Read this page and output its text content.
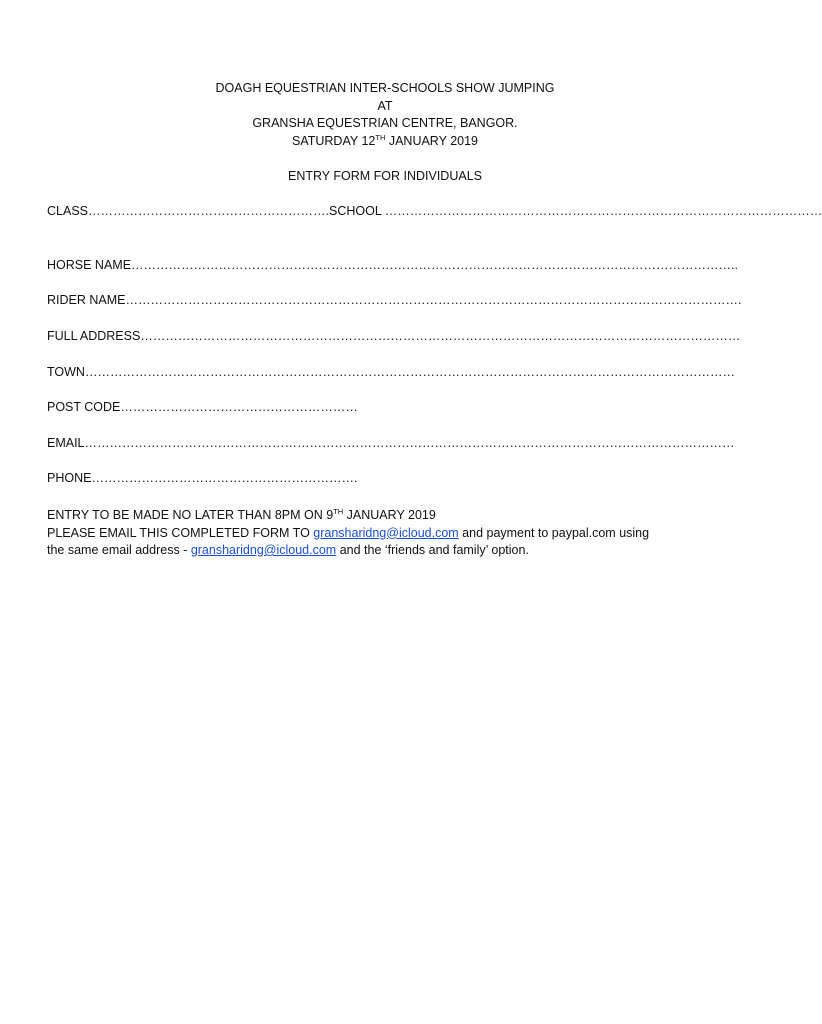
DOAGH EQUESTRIAN INTER-SCHOOLS SHOW JUMPING
AT
GRANSHA EQUESTRIAN CENTRE, BANGOR.
SATURDAY 12TH JANUARY 2019
ENTRY FORM FOR INDIVIDUALS
CLASS………………………………………………….SCHOOL ……………………………………………………………………………………………
HORSE NAME………………………………………………………………………………………………………………………………..
RIDER NAME………………………………………………………………………………………………………………………………….
FULL ADDRESS………………………………………………………………………………………………………………………………
TOWN…………………………………………………………………………………………………………………………………………
POST CODE…………………………………………………
EMAIL…………………………………………………………………………………………………………………………………………
PHONE……………………………………………………….
ENTRY TO BE MADE NO LATER THAN 8PM ON 9TH JANUARY 2019
PLEASE EMAIL THIS COMPLETED FORM TO gransharidng@icloud.com and payment to paypal.com using
the same email address - gransharidng@icloud.com and the ‘friends and family’ option.
